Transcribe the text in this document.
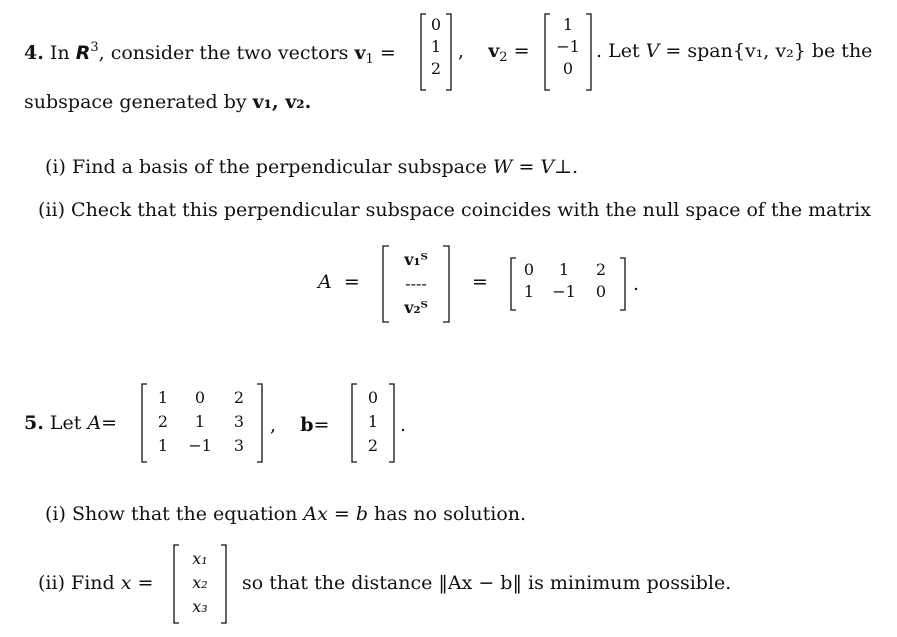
4. In $R^3$, consider the two vectors $v_1$ =
0
1
2
, $v_2$ =
1
−1
0
. Let V = span{v₁, v₂} be the
subspace generated by v₁, v₂.
(i) Find a basis of the perpendicular subspace W = V⊥.
(ii) Check that this perpendicular subspace coincides with the null space of the matrix
A =
v₁ᵀ
----
v₂ᵀ
=
0	1	2
1	−1	0	.
5. Let A=
1	0	2
2	1	3
1	−1	3
, b=
0
1
2
.
(i) Show that the equation Ax = b has no solution.
(ii) Find x =
x₁
x₂
x₃
so that the distance ‖Ax − b‖ is minimum possible.
